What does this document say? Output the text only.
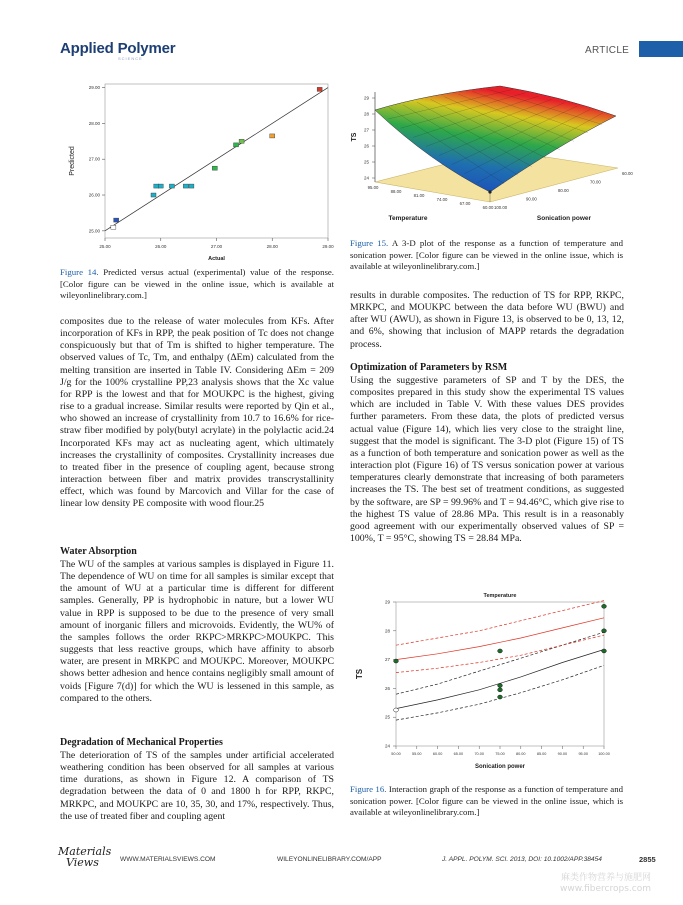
Applied Polymer
SCIENCE
ARTICLE
25.00	26.00	27.00	28.00	29.00
25.00
26.00
27.00
28.00
29.00
Actual
Predicted

Figure 14. Predicted versus actual (experimental) value of the response. [Color figure can be viewed in the online issue, which is available at wileyonlinelibrary.com.]

24
25
26
27
28
29
TS
95.00
88.00
81.00
74.00
67.00
60.00
Temperature
100.00
90.00
80.00
70.00
60.00
Sonication power

Figure 15. A 3-D plot of the response as a function of temperature and sonication power. [Color figure can be viewed in the online issue, which is available at wileyonlinelibrary.com.]

composites due to the release of water molecules from KFs. After incorporation of KFs in RPP, the peak position of Tc does not change conspicuously but that of Tm is shifted to higher temperature. The observed values of Tc, Tm, and enthalpy (ΔEm) calculated from the melting transition are inserted in Table IV. Considering ΔEm = 209 J/g for the 100% crystalline PP,23 analysis shows that the Xc value for RPP is the lowest and that for MOUKPC is the highest, giving rise to a gradual increase. Similar results were reported by Qin et al., who showed an increase of crystallinity from 10.7 to 16.6% for rice-straw fiber modified by poly(butyl acrylate) in the polylactic acid.24 Incorporated KFs may act as nucleating agent, which ultimately increases the crystallinity of composites. Crystallinity increases due to treated fiber in the presence of coupling agent, because strong interaction between fiber and matrix provides transcrystallinity effect, which was found by Marcovich and Villar for the case of linear low density PE composite with wood flour.25

Water Absorption

The WU of the samples at various samples is displayed in Figure 11. The dependence of WU on time for all samples is similar except that the amount of WU at a particular time is different for different samples. Generally, PP is hydrophobic in nature, but a lower WU value in RPP is supposed to be due to the presence of very small amount of inorganic fillers and microvoids. Evidently, the WU% of the samples follows the order RKPC>MRKPC>MOUKPC. This suggests that less reactive groups, which have affinity to absorb water, are present in MRKPC and MOUKPC. Moreover, MOUKPC shows better adhesion and hence contains negligibly small amount of voids [Figure 7(d)] for which the WU is lessened in this sample, as compared to the others.

Degradation of Mechanical Properties

The deterioration of TS of the samples under artificial accelerated weathering condition has been observed for all samples at various time durations, as shown in Figure 12. A comparison of TS degradation between the data of 0 and 1800 h for RPP, RKPC, MRKPC, and MOUKPC are 10, 35, 30, and 17%, respectively. Thus, the use of treated fiber and coupling agent

results in durable composites. The reduction of TS for RPP, RKPC, MRKPC, and MOUKPC between the data before WU (BWU) and after WU (AWU), as shown in Figure 13, is observed to be 0, 13, 12, and 6%, showing that inclusion of MAPP retards the degradation process.

Optimization of Parameters by RSM

Using the suggestive parameters of SP and T by the DES, the composites prepared in this study show the experimental TS values which are included in Table V. With these values DES provides further parameters. From these data, the plots of predicted versus actual value (Figure 14), which lies very close to the straight line, suggest that the model is significant. The 3-D plot (Figure 15) of TS as a function of both temperature and sonication power as well as the interaction plot (Figure 16) of TS versus sonication power at various temperatures clearly demonstrate that increasing of both parameters increases the TS. The best set of treatment conditions, as suggested by the software, are SP = 99.96% and T = 94.46°C, which give rise to the highest TS value of 28.86 MPa. This result is in a reasonably good agreement with our experimentally observed values of SP = 100%, T = 95°C, showing TS = 28.84 MPa.

Temperature
50.00	55.00	60.00	65.00	70.00	75.00	80.00	85.00	90.00	95.00	100.00
24
25
26
27
28
29
Sonication power
TS

Figure 16. Interaction graph of the response as a function of temperature and sonication power. [Color figure can be viewed in the online issue, which is available at wileyonlinelibrary.com.]

Materials
Views	WWW.MATERIALSVIEWS.COM	WILEYONLINELIBRARY.COM/APP	J. APPL. POLYM. SCI. 2013, DOI: 10.1002/APP.38454	2855
麻类作物营养与施肥网
www.fibercrops.com
